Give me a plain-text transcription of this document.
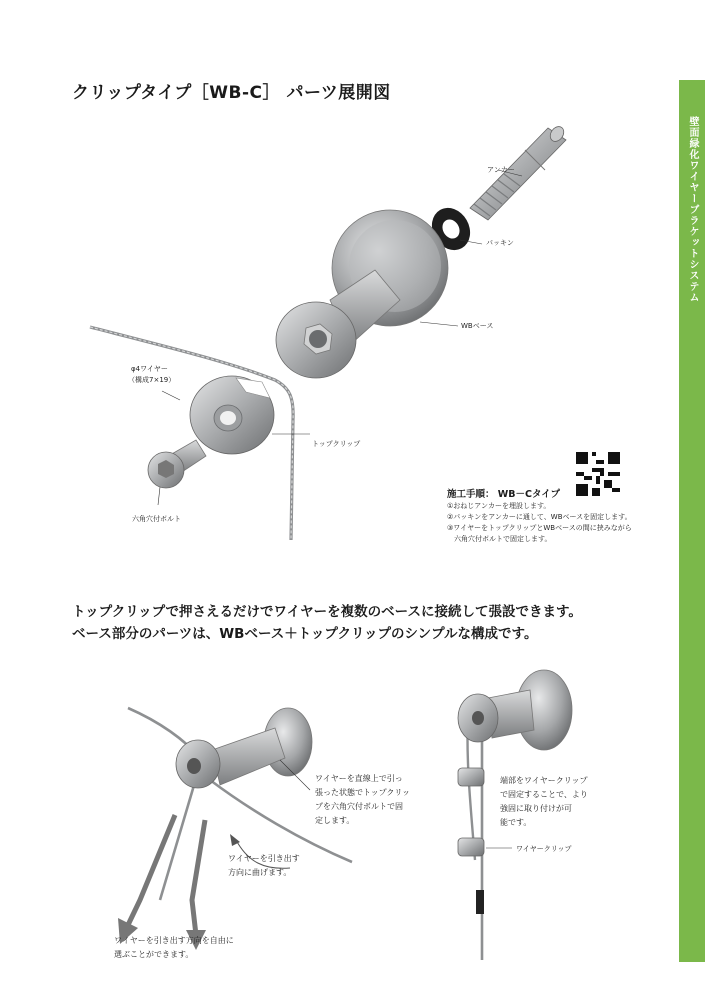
クリップタイプ［WB-C］ パーツ展開図
壁面緑化ワイヤーブラケットシステム
アンカー
パッキン
WBベース
φ4ワイヤー
（構成7×19）
トップクリップ
六角穴付ボルト
施工手順： WB－Cタイプ
①おねじアンカーを埋設します。
②パッキンをアンカーに通して、WBベースを固定します。
③ワイヤーをトップクリップとWBベースの間に挟みながら
　六角穴付ボルトで固定します。
トップクリップで押さえるだけでワイヤーを複数のベースに接続して張設できます。
ベース部分のパーツは、WBベース＋トップクリップのシンプルな構成です。
ワイヤーを直線上で引っ
張った状態でトップクリッ
プを六角穴付ボルトで固
定します。
ワイヤーを引き出す
方向に曲げます。
ワイヤーを引き出す方向を自由に
選ぶことができます。
端部をワイヤークリップ
で固定することで、より
強固に取り付けが可
能です。
ワイヤークリップ
